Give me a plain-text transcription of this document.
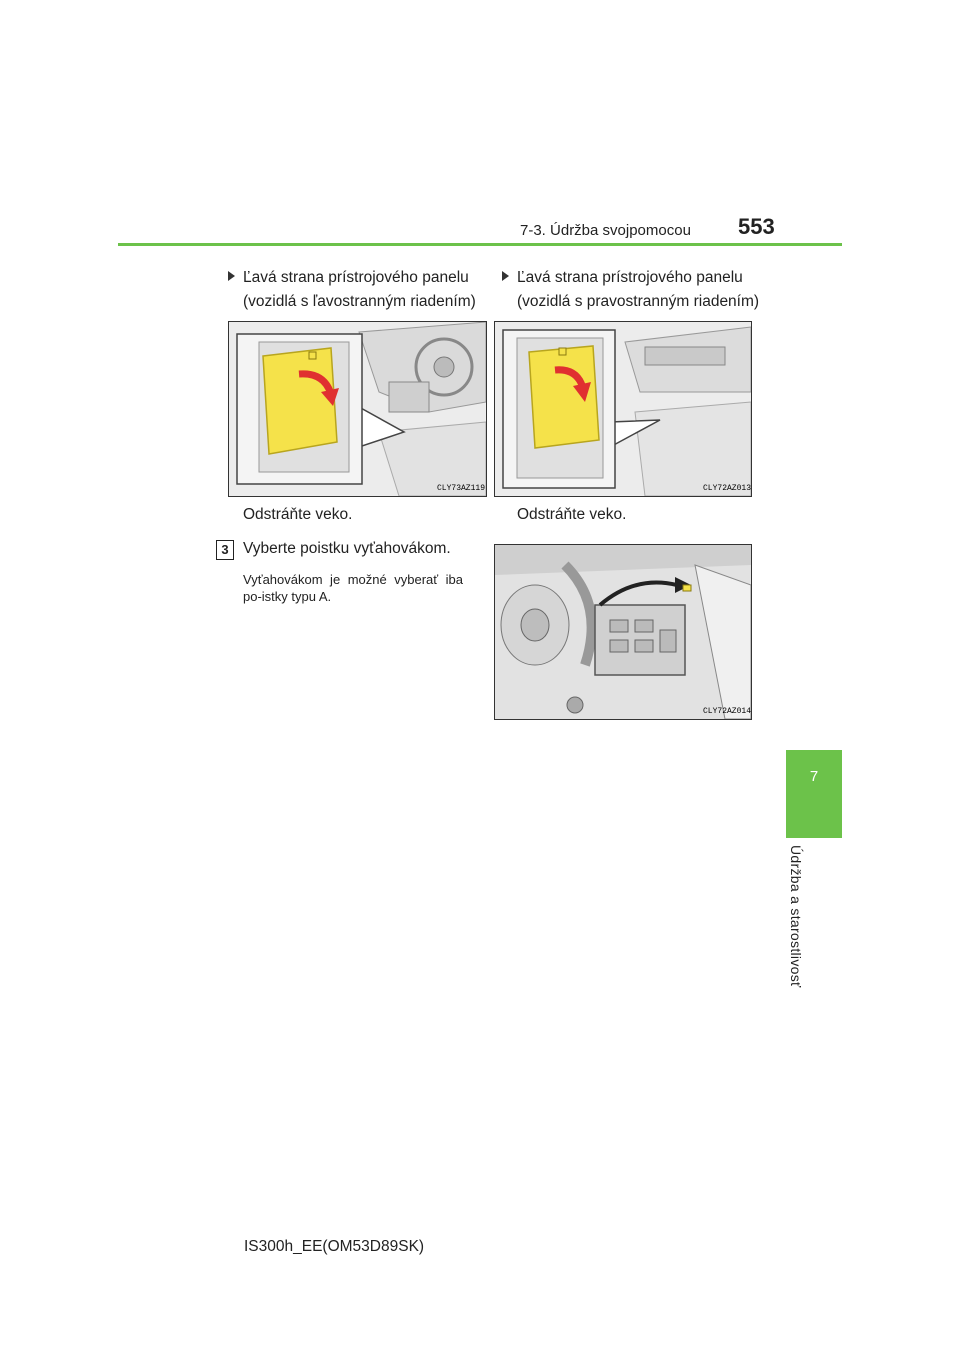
7-3. Údržba svojpomocou 553
7
Údržba a starostlivosť
Ľavá strana prístrojového panelu
(vozidlá s ľavostranným riadením)
Ľavá strana prístrojového panelu
(vozidlá s pravostranným riadením)
CLY73AZ119	CLY72AZ013
Odstráňte veko.	Odstráňte veko.
3 Vyberte poistku vyťahovákom.
Vyťahovákom je možné vyberať iba po-istky typu A.
CLY72AZ014
IS300h_EE(OM53D89SK)
